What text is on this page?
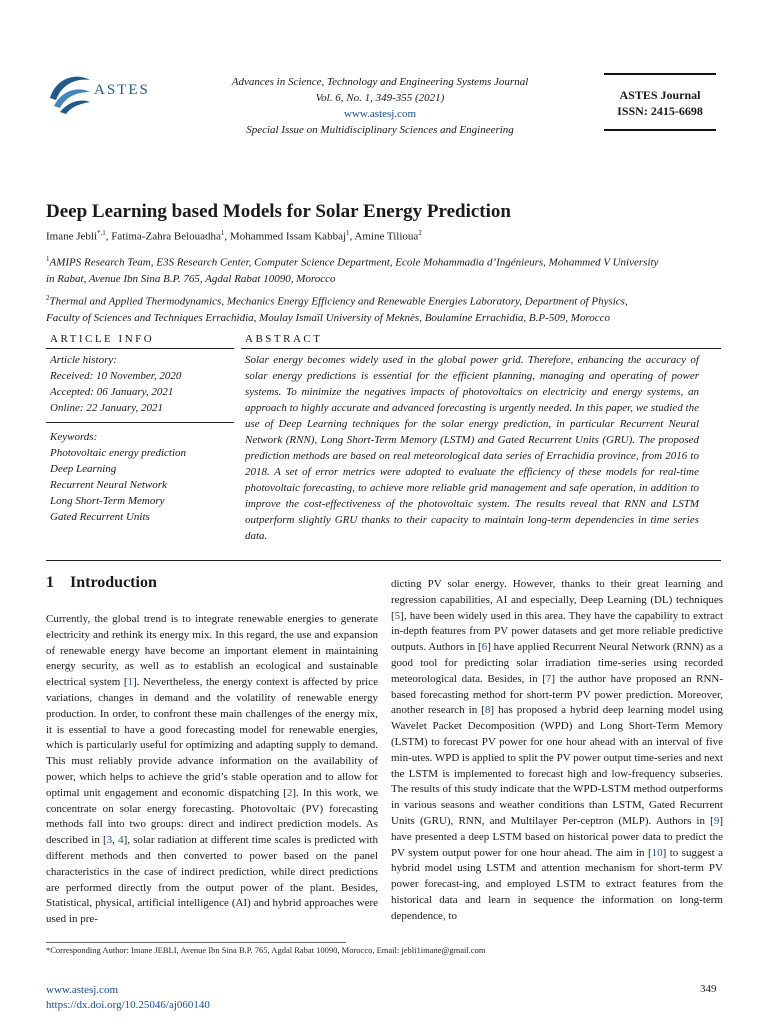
ASTES	Advances in Science, Technology and Engineering Systems Journal
Vol. 6, No. 1, 349-355 (2021)
www.astesj.com
Special Issue on Multidisciplinary Sciences and Engineering
ASTES Journal
ISSN: 2415-6698
Deep Learning based Models for Solar Energy Prediction
Imane Jebli$^{*,1}$, Fatima-Zahra Belouadha$^1$, Mohammed Issam Kabbaj$^1$, Amine Tilioua$^2$
$^1$AMIPS Research Team, E3S Research Center, Computer Science Department, Ecole Mohammadia d’Ingénieurs, Mohammed V University
in Rabat, Avenue Ibn Sina B.P. 765, Agdal Rabat 10090, Morocco
$^2$Thermal and Applied Thermodynamics, Mechanics Energy Efficiency and Renewable Energies Laboratory, Department of Physics,
Faculty of Sciences and Techniques Errachidia, Moulay Ismaïl University of Meknès, Boulamine Errachidia, B.P-509, Morocco
ARTICLE INFO	ABSTRACT
Article history:
Received: 10 November, 2020
Accepted: 06 January, 2021
Online: 22 January, 2021
Keywords:
Photovoltaic energy prediction
Deep Learning
Recurrent Neural Network
Long Short-Term Memory
Gated Recurrent Units
Solar energy becomes widely used in the global power grid. Therefore, enhancing the accuracy of solar energy predictions is essential for the efficient planning, managing and operating of power systems. To minimize the negatives impacts of photovoltaics on electricity and energy systems, an approach to highly accurate and advanced forecasting is urgently needed. In this paper, we studied the use of Deep Learning techniques for the solar energy prediction, in particular Recurrent Neural Network (RNN), Long Short-Term Memory (LSTM) and Gated Recurrent Units (GRU). The proposed prediction methods are based on real meteorological data series of Errachidia province, from 2016 to 2018. A set of error metrics were adopted to evaluate the efficiency of these models for real-time photovoltaic forecasting, to achieve more reliable grid management and safe operation, in addition to improve the cost-effectiveness of the photovoltaic system. The results reveal that RNN and LSTM outperform slightly GRU thanks to their capacity to maintain long-term dependencies in time series data.
1 Introduction
Currently, the global trend is to integrate renewable energies to generate electricity and rethink its energy mix. In this regard, the use and expansion of renewable energy have become an important element in maintaining energy security, as well as to establish an ecological and sustainable electrical system [1]. Nevertheless, the energy context is affected by price variations, changes in demand and the volatility of renewable energy production. In order, to confront these main challenges of the energy mix, it is essential to have a good forecasting model for renewable energies, which is particularly useful for optimizing and adapting supply to demand. This must reliably provide advance information on the availability of power, which helps to achieve the grid’s stable operation and to allow for optimal unit engagement and economic dispatching [2]. In this work, we concentrate on solar energy forecasting. Photovoltaic (PV) forecasting methods fall into two groups: direct and indirect prediction models. As described in [3, 4], solar radiation at different time scales is predicted with different methods and then converted to power based on the panel characteristics in the case of indirect prediction, while direct predictions are performed directly from the output power of the plant. Besides, Statistical, physical, artificial intelligence (AI) and hybrid approaches were used in pre-
dicting PV solar energy. However, thanks to their great learning and regression capabilities, AI and especially, Deep Learning (DL) techniques [5], have been widely used in this area. They have the capability to extract in-depth features from PV power datasets and get more reliable predictive outputs. Authors in [6] have applied Recurrent Neural Network (RNN) as a good tool for predicting solar irradiation time-series using recorded meteorological data. Besides, in [7] the author have proposed an RNN-based forecasting method for short-term PV power prediction. Moreover, another research in [8] has proposed a hybrid deep learning model using Wavelet Packet Decomposition (WPD) and Long Short-Term Memory (LSTM) to forecast PV power for one hour ahead with an interval of five min-utes. WPD is applied to split the PV power output time-series and next the LSTM is implemented to forecast high and low-frequency subseries. The results of this study indicate that the WPD-LSTM method outperforms in various seasons and weather conditions than LSTM, Gated Recurrent Units (GRU), RNN, and Multilayer Per-ceptron (MLP). Authors in [9] have presented a deep LSTM based on historical power data to predict the PV system output power for one hour ahead. The aim in [10] to suggest a hybrid model using LSTM and attention mechanism for short-term PV power forecast-ing, and employed LSTM to extract features from the historical data and learn in sequence the information on long-term dependence, to
*Corresponding Author: Imane JEBLI, Avenue Ibn Sina B.P. 765, Agdal Rabat 10090, Morocco, Email: jebli1imane@gmail.com
www.astesj.com
https://dx.doi.org/10.25046/aj060140
349
